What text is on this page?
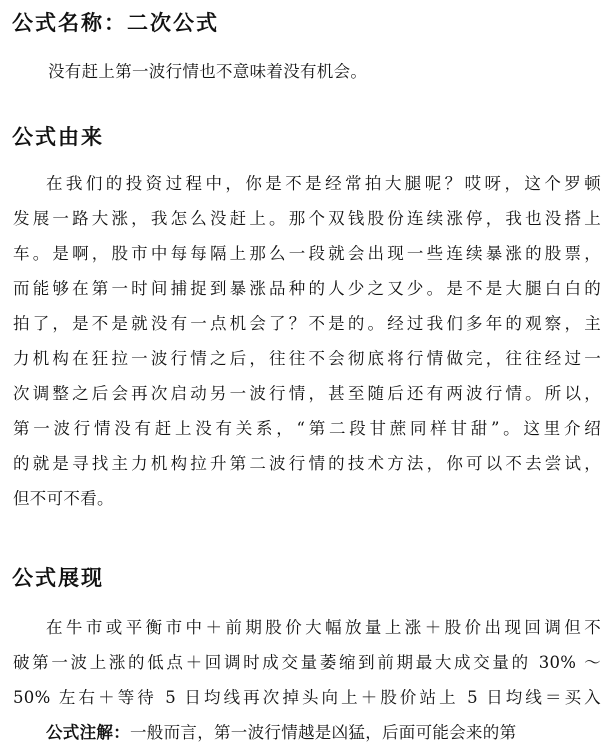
公式名称：二次公式
没有赶上第一波行情也不意味着没有机会。
公式由来
在我们的投资过程中，你是不是经常拍大腿呢？哎呀，这个罗顿
发展一路大涨，我怎么没赶上。那个双钱股份连续涨停，我也没搭上
车。是啊，股市中每每隔上那么一段就会出现一些连续暴涨的股票，
而能够在第一时间捕捉到暴涨品种的人少之又少。是不是大腿白白的
拍了，是不是就没有一点机会了？不是的。经过我们多年的观察，主
力机构在狂拉一波行情之后，往往不会彻底将行情做完，往往经过一
次调整之后会再次启动另一波行情，甚至随后还有两波行情。所以，
第一波行情没有赶上没有关系，“第二段甘蔗同样甘甜”。这里介绍
的就是寻找主力机构拉升第二波行情的技术方法，你可以不去尝试，
但不可不看。
公式展现
在牛市或平衡市中＋前期股价大幅放量上涨＋股价出现回调但不
破第一波上涨的低点＋回调时成交量萎缩到前期最大成交量的 30% ～
50% 左右＋等待 5 日均线再次掉头向上＋股价站上 5 日均线＝买入
公式注解：一般而言，第一波行情越是凶猛，后面可能会来的第
